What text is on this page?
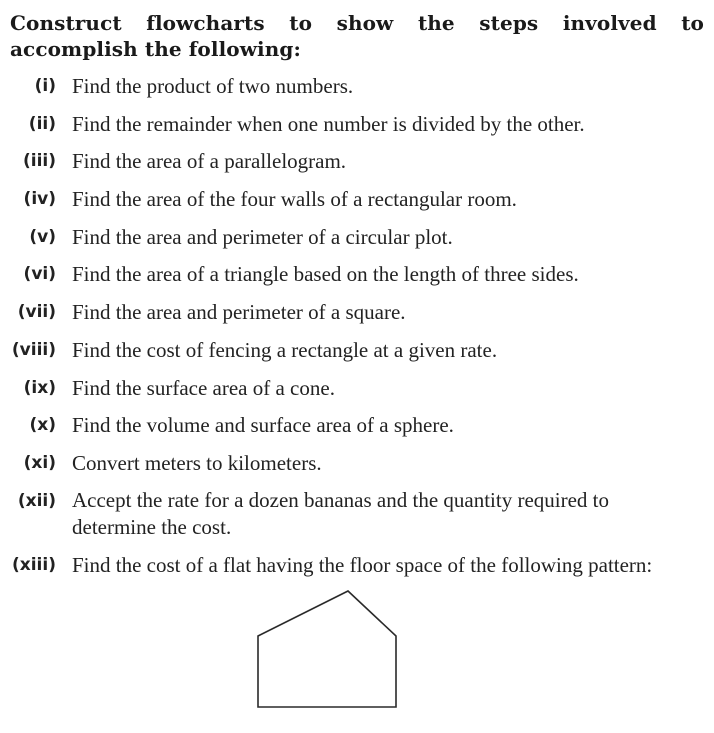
Construct flowcharts to show the steps involved to accomplish the following:
(i) Find the product of two numbers.
(ii) Find the remainder when one number is divided by the other.
(iii) Find the area of a parallelogram.
(iv) Find the area of the four walls of a rectangular room.
(v) Find the area and perimeter of a circular plot.
(vi) Find the area of a triangle based on the length of three sides.
(vii) Find the area and perimeter of a square.
(viii) Find the cost of fencing a rectangle at a given rate.
(ix) Find the surface area of a cone.
(x) Find the volume and surface area of a sphere.
(xi) Convert meters to kilometers.
(xii) Accept the rate for a dozen bananas and the quantity required to determine the cost.
(xiii) Find the cost of a flat having the floor space of the following pattern:
